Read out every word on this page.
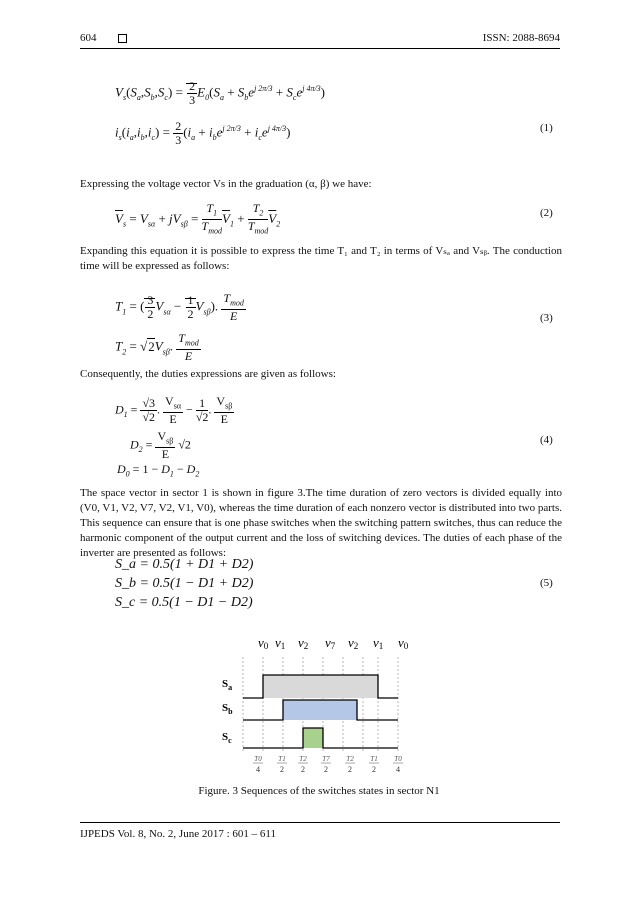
604	ISSN: 2088-8694
$V_s(S_a,S_b,S_c) = \frac{2}{3} E_0(S_a + S_be^{j 2\pi/3} + S_ce^{j 4\pi/3})$
$i_s(i_a,i_b,i_c) = \frac{2}{3} (i_a + i_be^{j 2\pi/3} + i_ce^{j 4\pi/3})$	(1)
Expressing the voltage vector Vs in the graduation (α, β) we have:
$\overline{V}_s = V_{s\alpha} + jV_{s\beta}$ =
$T_1$
$T_{mod}$
$\overline{V}_1$ +
$T_2$
$T_{mod}$
$\overline{V}_2$
(2)
Expanding this equation it is possible to express the time T₁ and T₂ in terms of Vₛₐ and Vₛᵦ. The conduction time will be expressed as follows:
$T_1$ = ( $\frac{3}{2} V_{s\alpha} - \frac{1}{2} V_{s\beta}$).
$T_{mod}$
E
$T_2 = √2V_{s\beta}$.
$T_{mod}$
E
(3)
Consequently, the duties expressions are given as follows:
$D_1 = \frac{√3}{√2}$ .
$V_{s\alpha}$
E
− $\frac{1}{√2}$ .
$V_{s\beta}$
E
$D_2$ =
$V_{s\beta}$
E
√2
$D_0 = 1 - D_1 - D_2$
(4)
The space vector in sector 1 is shown in figure 3.The time duration of zero vectors is divided equally into (V0, V1, V2, V7, V2, V1, V0), whereas the time duration of each nonzero vector is distributed into two parts. This sequence can ensure that is one phase switches when the switching pattern switches, thus can reduce the harmonic component of the output current and the loss of switching devices. The duties of each phase of the inverter are presented as follows:
S_a = 0.5(1 + D1 + D2)
S_b = 0.5(1 − D1 + D2)
S_c = 0.5(1 − D1 − D2)
(5)
v0 v1 v2 v7 v2 v1 v0
$S_a$
$S_b$
$S_c$
T0
4
T1
2
T2
2
T7
2
T2
2
T1
2
T0
4
Figure. 3 Sequences of the switches states in sector N1
IJPEDS Vol. 8, No. 2, June 2017 : 601 – 611
